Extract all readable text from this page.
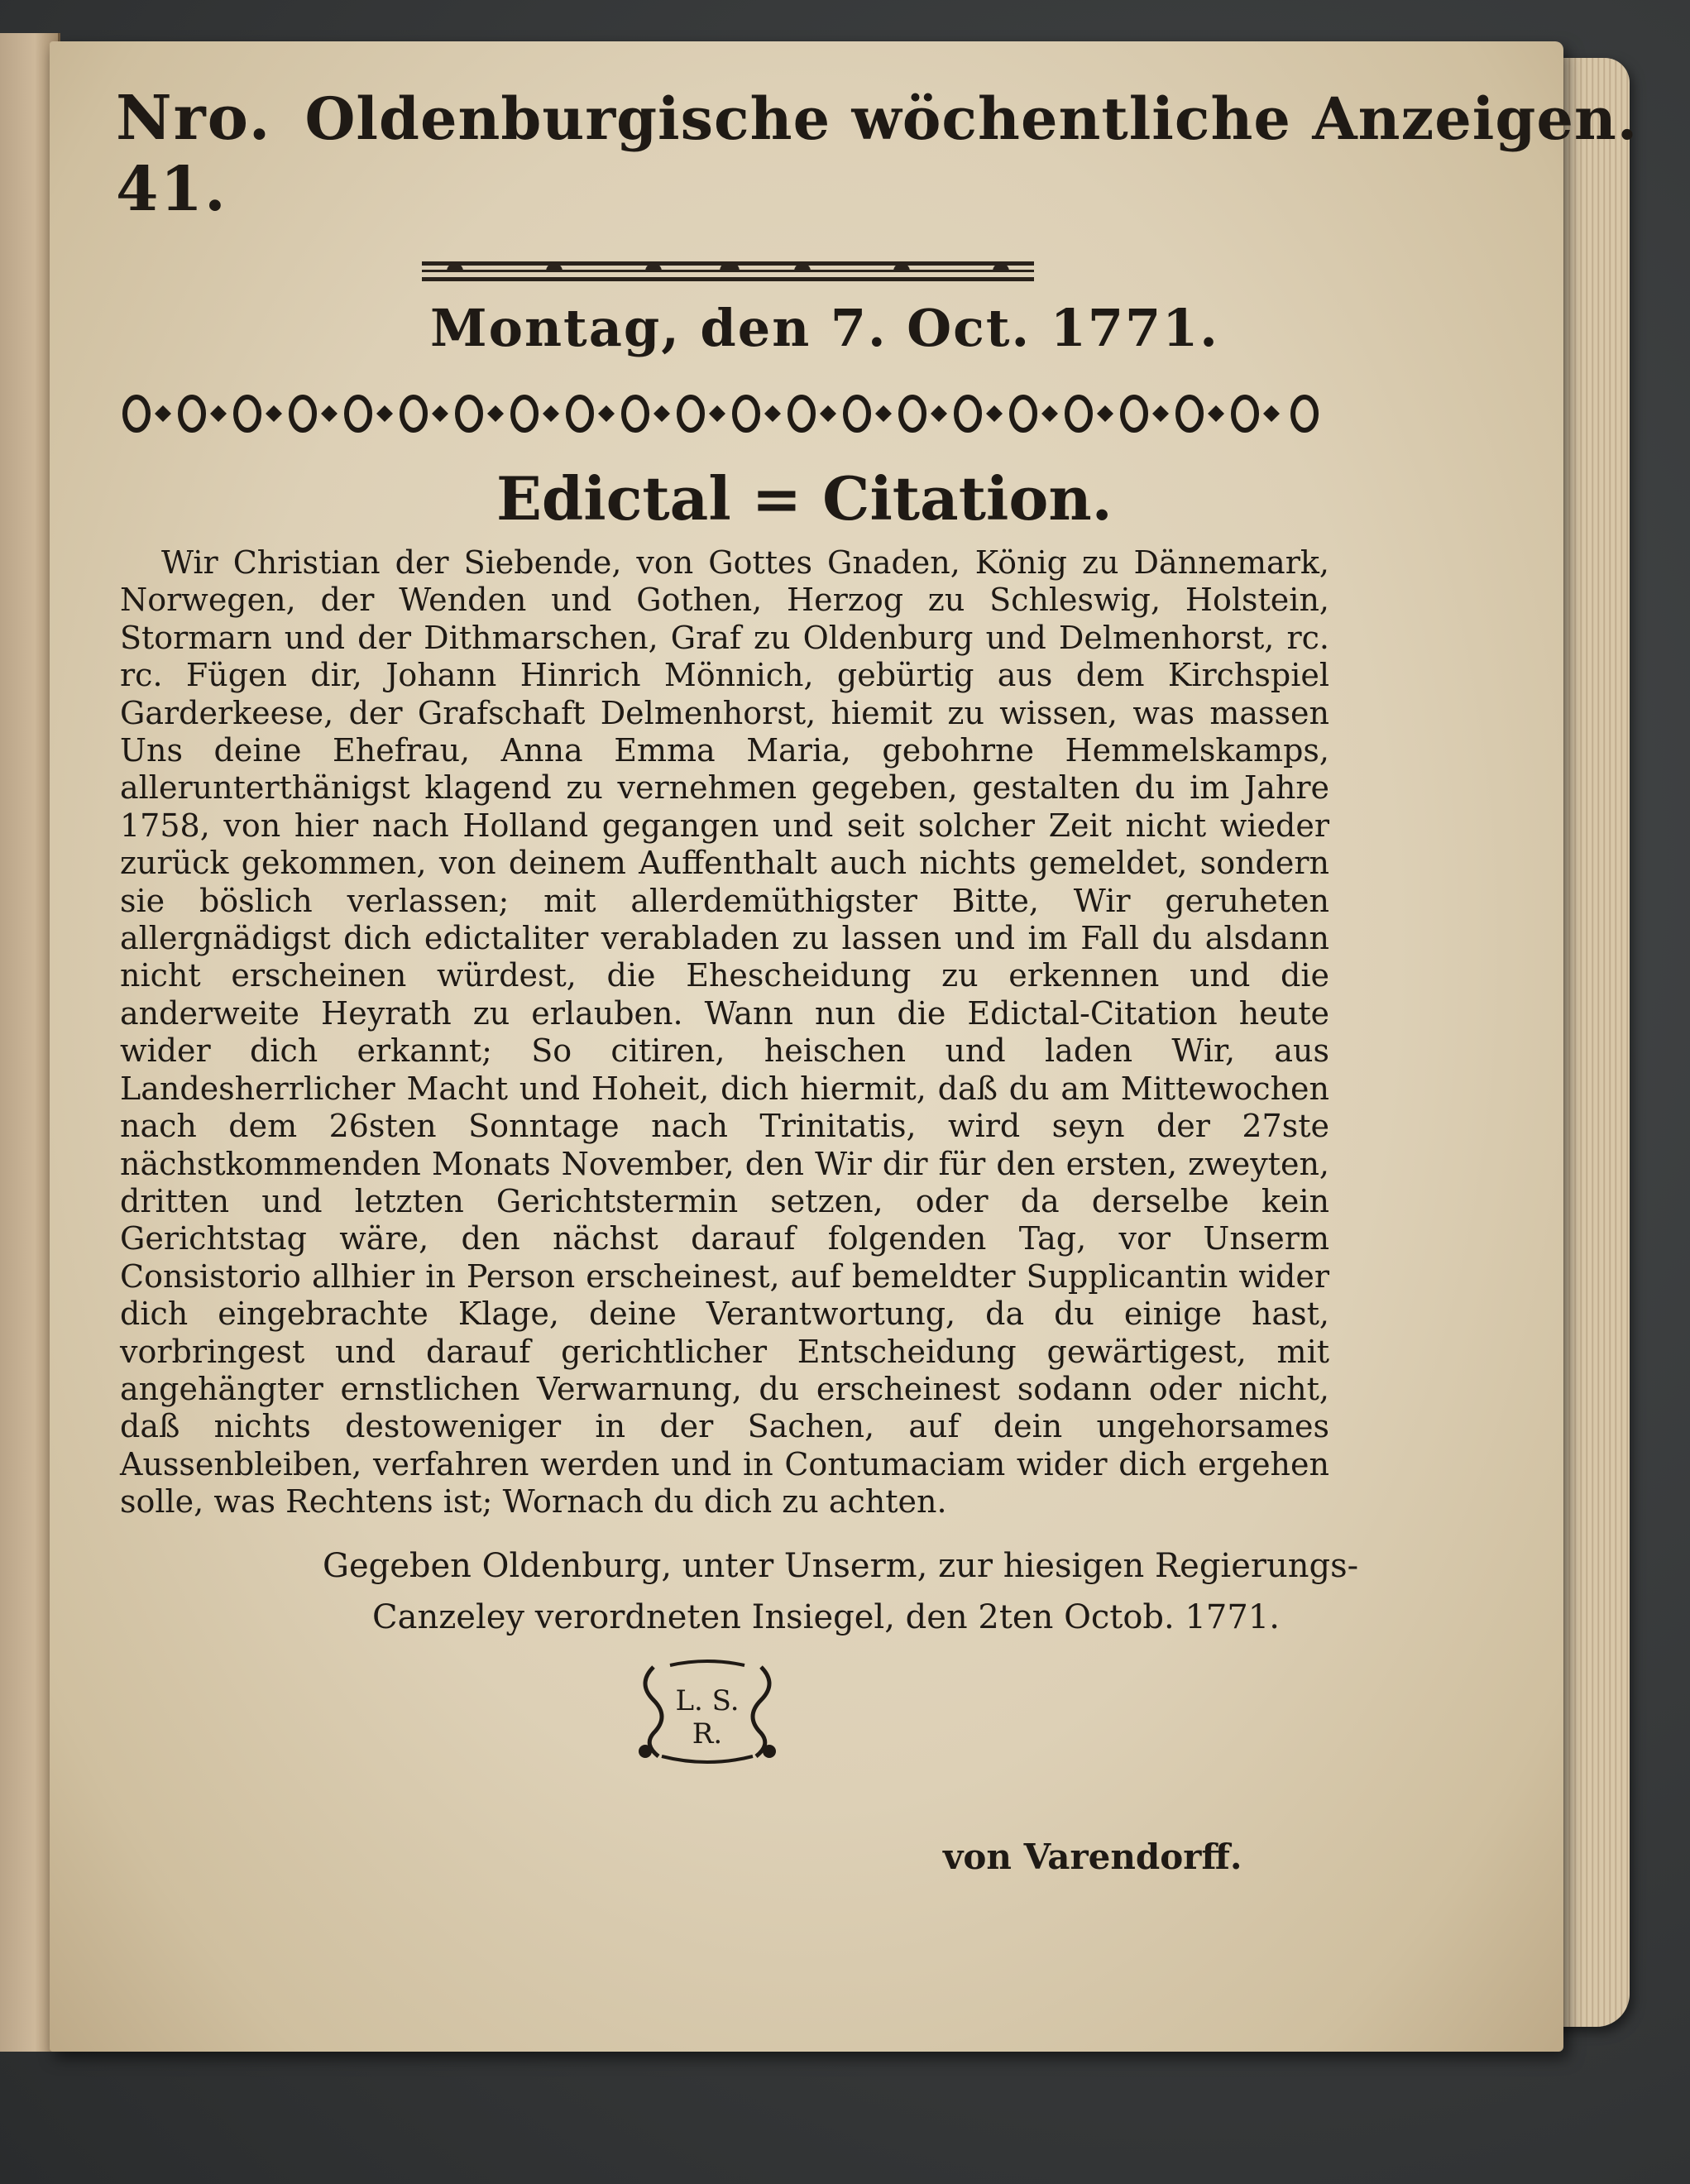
Nro. 41.
Oldenburgische wöchentliche Anzeigen.
Montag, den 7. Oct. 1771.
Edictal = Citation.

Wir Christian der Siebende, von Gottes Gnaden, König zu Dännemark, Norwegen, der Wenden und Gothen, Herzog zu Schleswig, Holstein, Stormarn und der Dithmarschen, Graf zu Oldenburg und Delmenhorst, rc. rc. Fügen dir, Johann Hinrich Mönnich, gebürtig aus dem Kirchspiel Garderkeese, der Grafschaft Delmenhorst, hiemit zu wissen, was massen Uns deine Ehefrau, Anna Emma Maria, gebohrne Hemmelskamps, allerunterthänigst klagend zu vernehmen gegeben, gestalten du im Jahre 1758, von hier nach Holland gegangen und seit solcher Zeit nicht wieder zurück gekommen, von deinem Auffenthalt auch nichts gemeldet, sondern sie böslich verlassen; mit allerdemüthigster Bitte, Wir geruheten allergnädigst dich edictaliter verabladen zu lassen und im Fall du alsdann nicht erscheinen würdest, die Ehescheidung zu erkennen und die anderweite Heyrath zu erlauben. Wann nun die Edictal-Citation heute wider dich erkannt; So citiren, heischen und laden Wir, aus Landesherrlicher Macht und Hoheit, dich hiermit, daß du am Mittewochen nach dem 26sten Sonntage nach Trinitatis, wird seyn der 27ste nächstkommenden Monats November, den Wir dir für den ersten, zweyten, dritten und letzten Gerichtstermin setzen, oder da derselbe kein Gerichtstag wäre, den nächst darauf folgenden Tag, vor Unserm Consistorio allhier in Person erscheinest, auf bemeldter Supplicantin wider dich eingebrachte Klage, deine Verantwortung, da du einige hast, vorbringest und darauf gerichtlicher Entscheidung gewärtigest, mit angehängter ernstlichen Verwarnung, du erscheinest sodann oder nicht, daß nichts destoweniger in der Sachen, auf dein ungehorsames Aussenbleiben, verfahren werden und in Contumaciam wider dich ergehen solle, was Rechtens ist; Wornach du dich zu achten.

Gegeben Oldenburg, unter Unserm, zur hiesigen Regierungs-
Canzeley verordneten Insiegel, den 2ten Octob. 1771.

L. S.
R.
von Varendorff.
